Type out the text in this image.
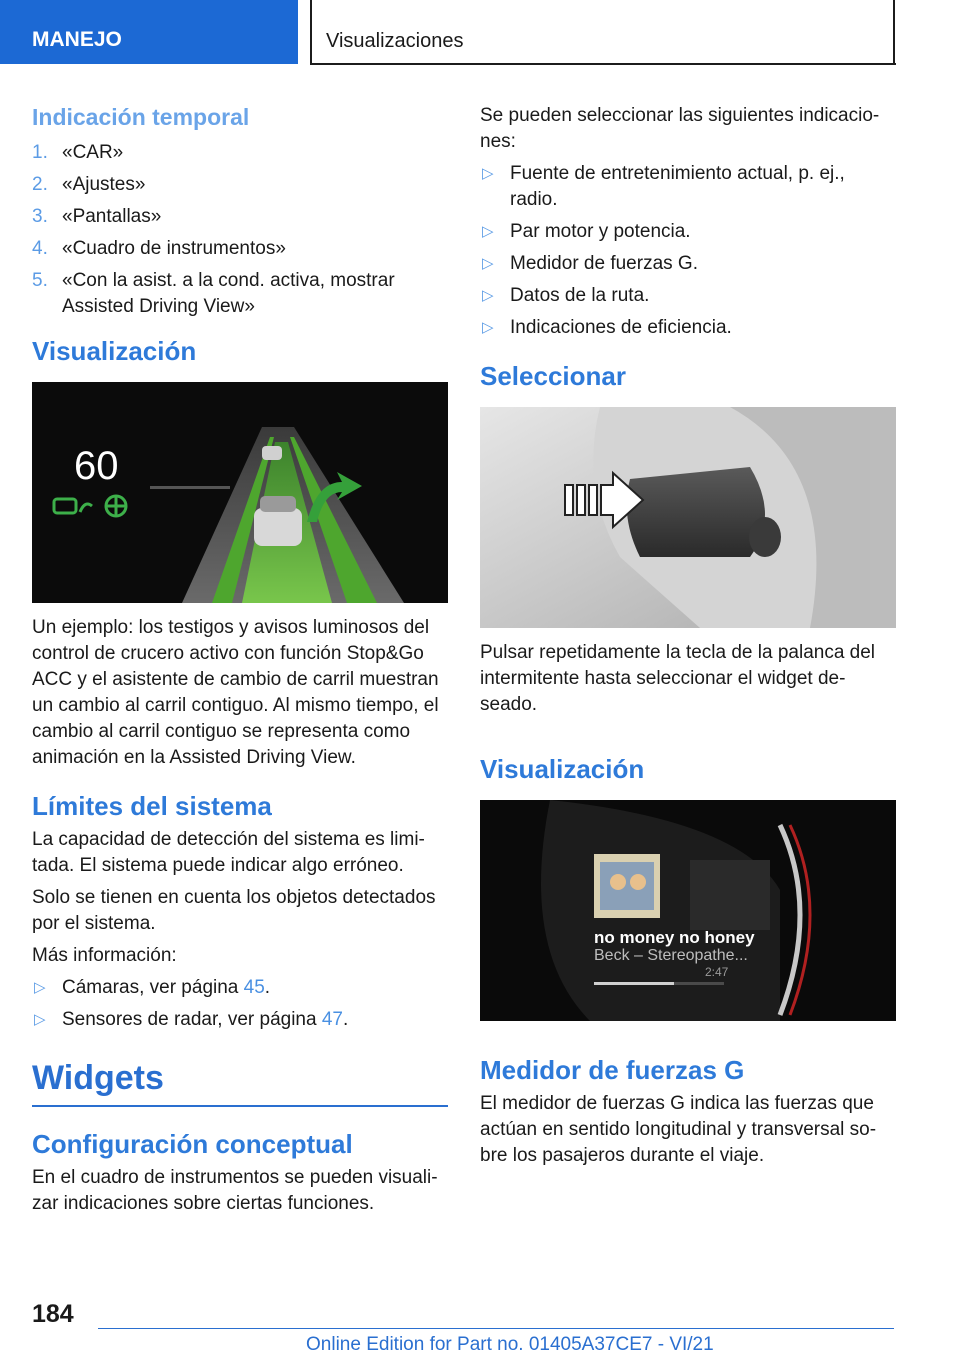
MANEJO	Visualizaciones
Indicación temporal
1. «CAR»
2. «Ajustes»
3. «Pantallas»
4. «Cuadro de instrumentos»
5. «Con la asist. a la cond. activa, mostrar Assisted Driving View»
Visualización
60

Un ejemplo: los testigos y avisos luminosos del control de crucero activo con función Stop&Go ACC y el asistente de cambio de carril muestran un cambio al carril contiguo. Al mismo tiempo, el cambio al carril contiguo se representa como animación en la Assisted Driving View.

Límites del sistema

La capacidad de detección del sistema es limi‐tada. El sistema puede indicar algo erróneo.

Solo se tienen en cuenta los objetos detectados por el sistema.

Más información:

▷ Cámaras, ver página 45.
▷ Sensores de radar, ver página 47.
Widgets
Configuración conceptual

En el cuadro de instrumentos se pueden visuali‐zar indicaciones sobre ciertas funciones.

Se pueden seleccionar las siguientes indicacio‐nes:

▷ Fuente de entretenimiento actual, p. ej., radio.
▷ Par motor y potencia.
▷ Medidor de fuerzas G.
▷ Datos de la ruta.
▷ Indicaciones de eficiencia.
Seleccionar

Pulsar repetidamente la tecla de la palanca del intermitente hasta seleccionar el widget de‐seado.

Visualización
no money no honey
Beck – Stereopathe...
2:47
Medidor de fuerzas G

El medidor de fuerzas G indica las fuerzas que actúan en sentido longitudinal y transversal so‐bre los pasajeros durante el viaje.

184
Online Edition for Part no. 01405A37CE7 - VI/21
